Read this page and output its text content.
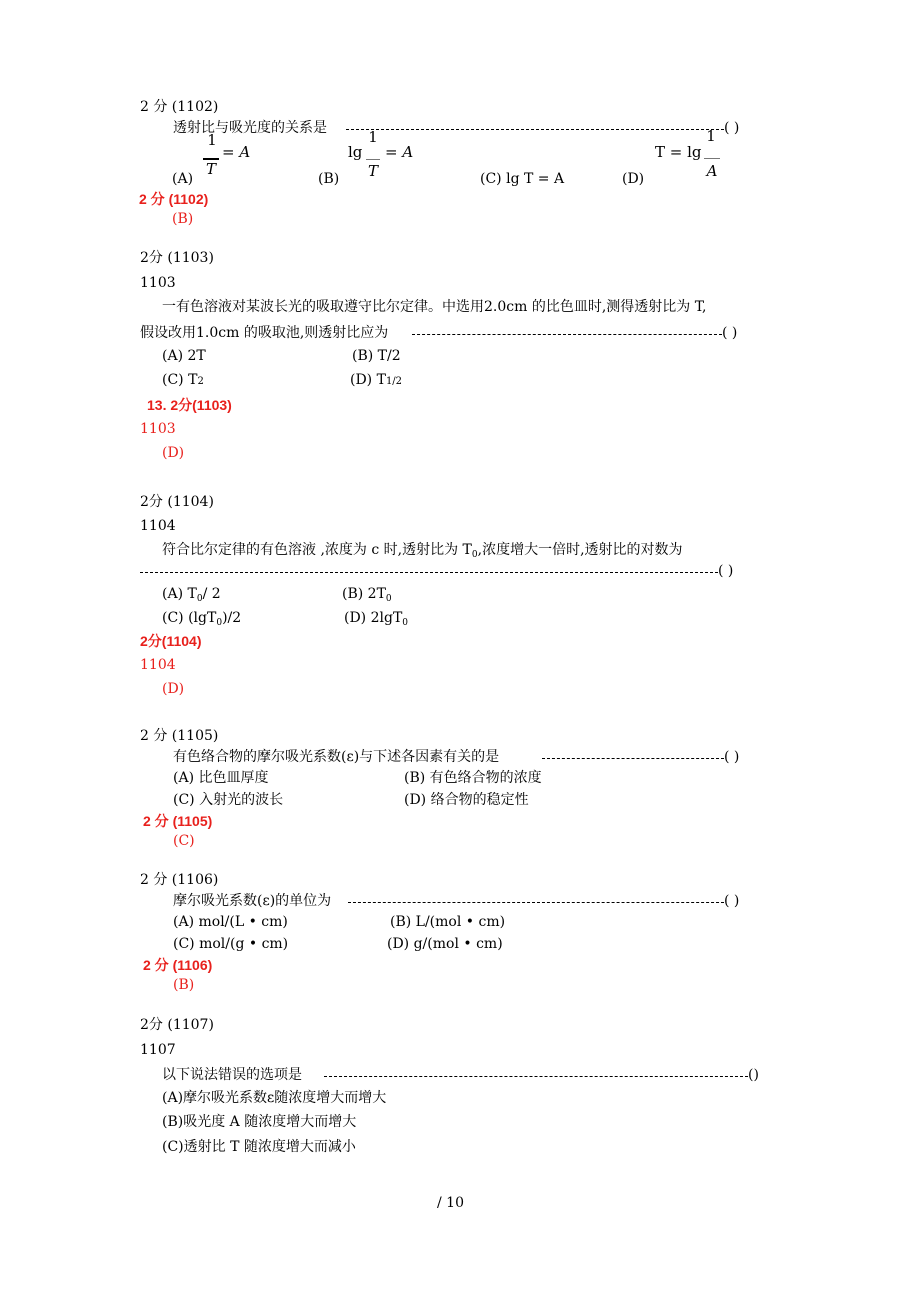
2 分 (1102)
透射比与吸光度的关系是	( )
1
T
= A
(A)	(B)
lg
1
T
= A
(C) lg T = A	(D)
T = lg
1
A
2 分 (1102)
(B)
2分 (1103)
1103
一有色溶液对某波长光的吸取遵守比尔定律。中选用2.0cm 的比色皿时,测得透射比为 T,
假设改用1.0cm 的吸取池,则透射比应为	( )
(A) 2T	(B) T/2
(C) T2	(D) T1/2
13. 2分(1103)
1103
(D)
2分 (1104)
1104
符合比尔定律的有色溶液 ,浓度为 c 时,透射比为 $T_0$,浓度增大一倍时,透射比的对数为
( )
(A) $T_0/$ 2	(B) $2T_0$
(C) (lgT$_0$)/2	(D) 2lgT$_0$
2分(1104)
1104
(D)
2 分 (1105)
有色络合物的摩尔吸光系数(ε)与下述各因素有关的是	( )
(A) 比色皿厚度	(B) 有色络合物的浓度
(C) 入射光的波长	(D) 络合物的稳定性
2 分 (1105)
(C)
2 分 (1106)
摩尔吸光系数(ε)的单位为	( )
(A) mol/(L • cm)	(B) L/(mol • cm)
(C) mol/(g • cm)	(D) g/(mol • cm)
2 分 (1106)
(B)
2分 (1107)
1107
以下说法错误的选项是	()
(A)摩尔吸光系数ε随浓度增大而增大
(B)吸光度 A 随浓度增大而增大
(C)透射比 T 随浓度增大而减小
/ 10
